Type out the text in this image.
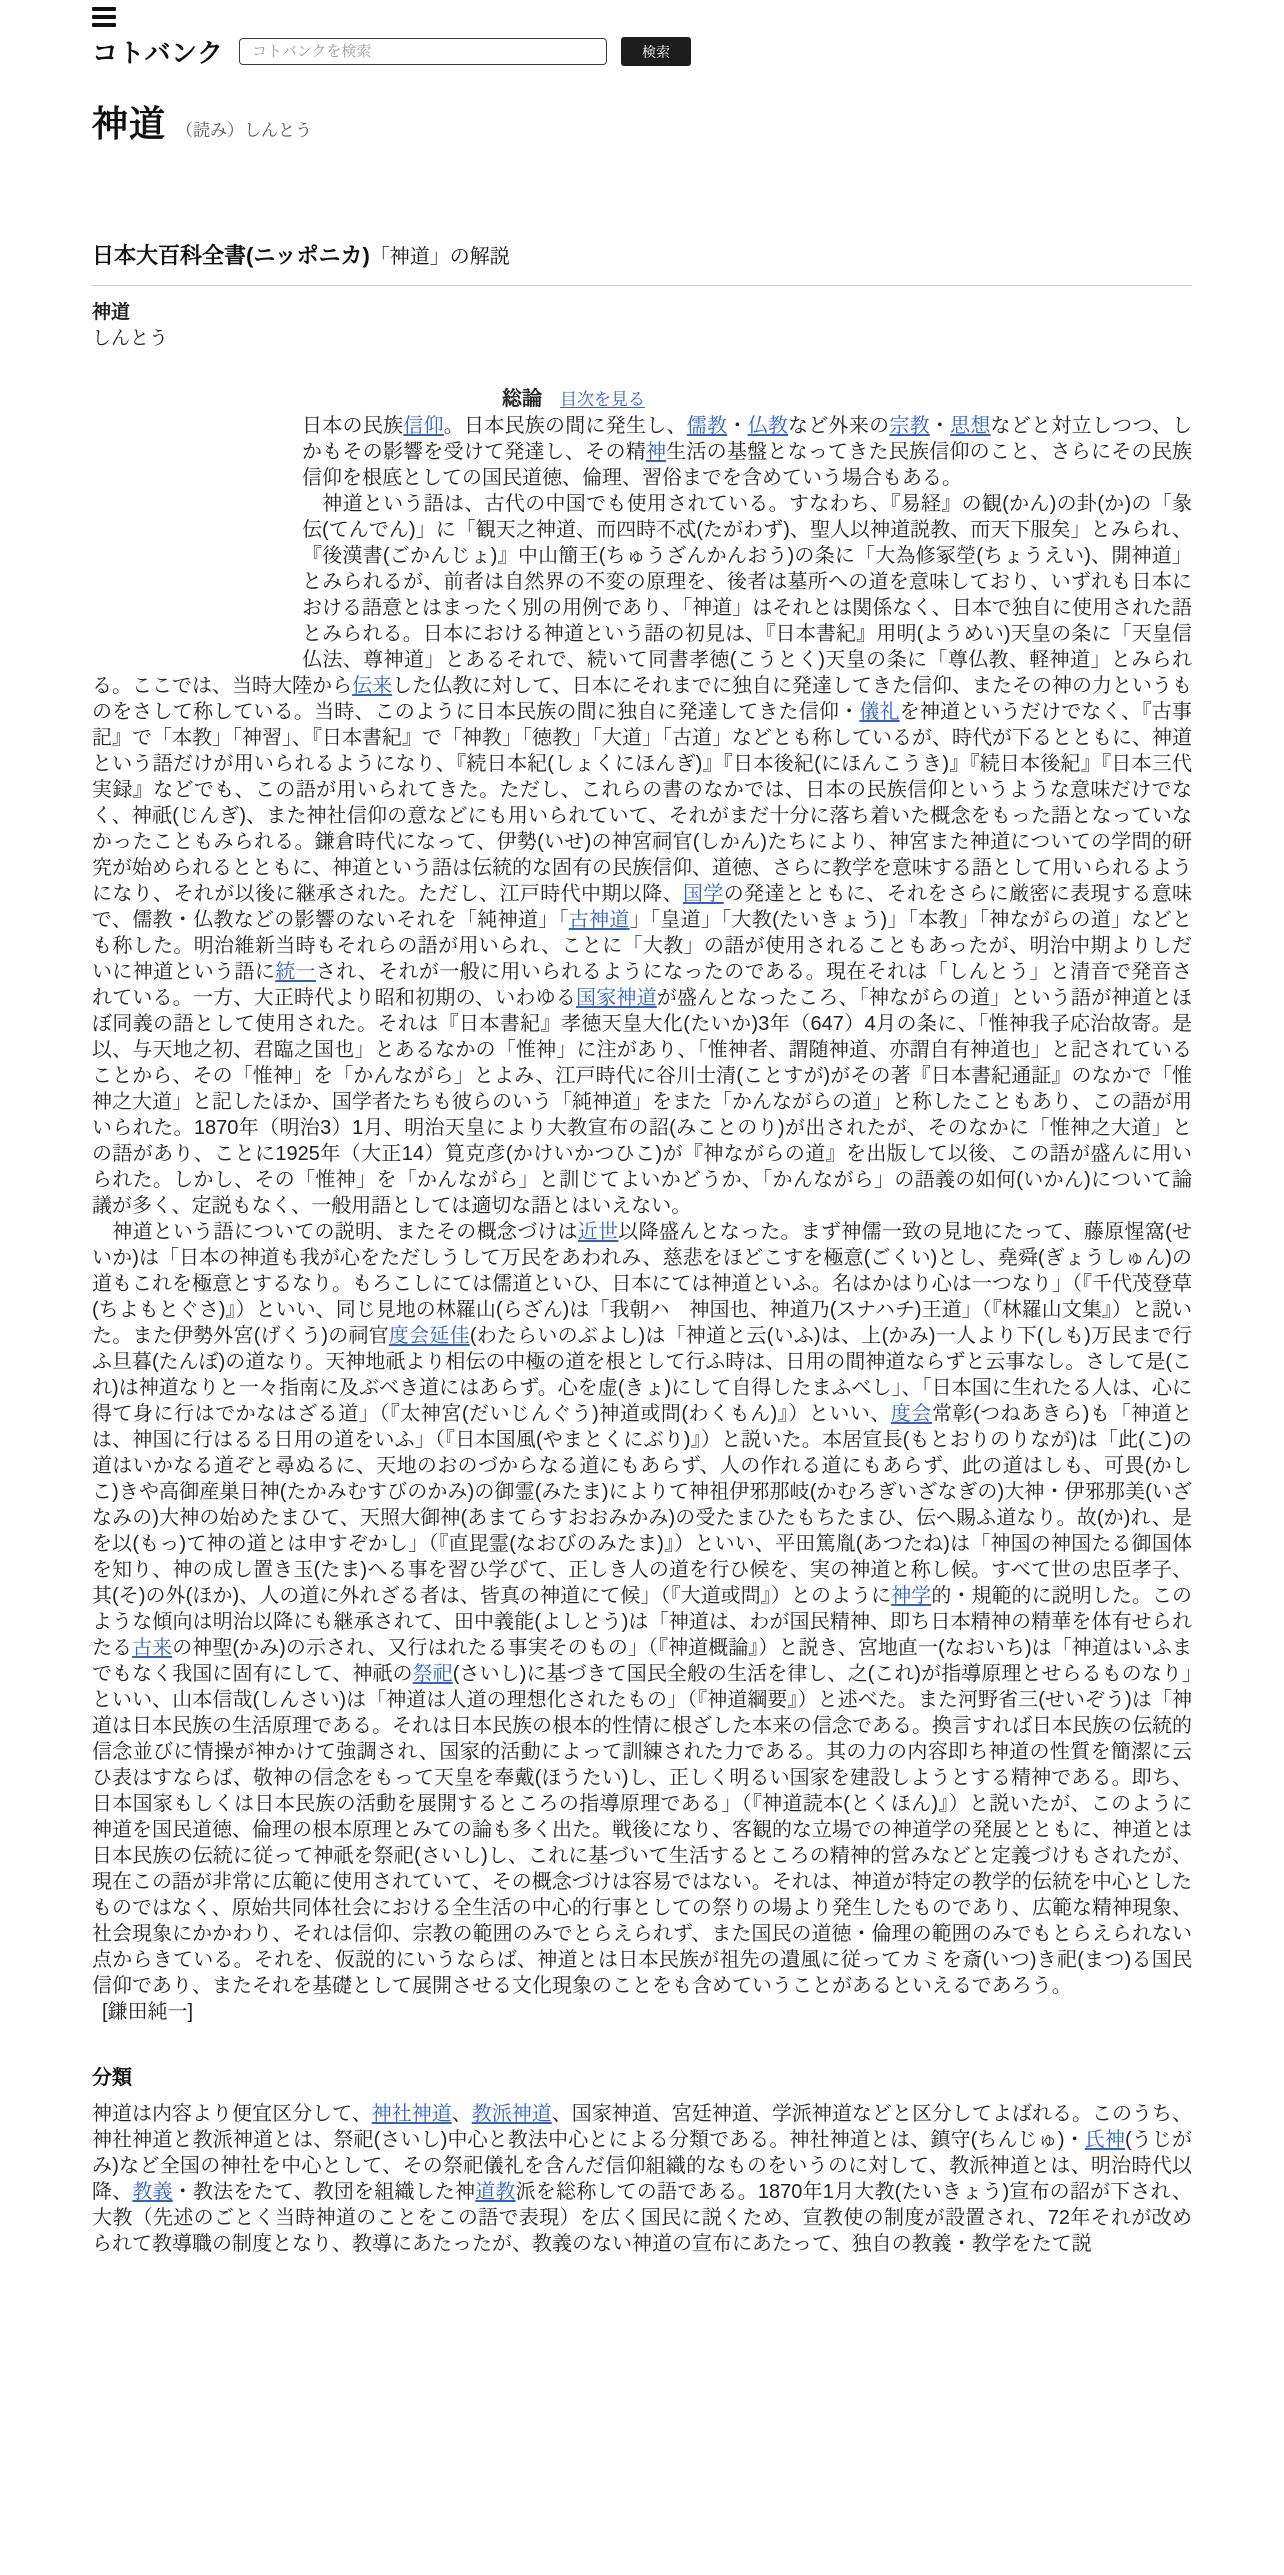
コトバンク
コトバンクを検索	検索
神道 （読み）しんとう
日本大百科全書(ニッポニカ)「神道」の解説
神道
しんとう
総論 目次を見る

日本の民族信仰。日本民族の間に発生し、儒教・仏教など外来の宗教・思想などと対立しつつ、しかもその影響を受けて発達し、その精神生活の基盤となってきた民族信仰のこと、さらにその民族信仰を根底としての国民道徳、倫理、習俗までを含めていう場合もある。

　神道という語は、古代の中国でも使用されている。すなわち、『易経』の観(かん)の卦(か)の「彖伝(てんでん)」に「観天之神道、而四時不忒(たがわず)、聖人以神道説教、而天下服矣」とみられ、『後漢書(ごかんじょ)』中山簡王(ちゅうざんかんおう)の条に「大為修冢塋(ちょうえい)、開神道」とみられるが、前者は自然界の不変の原理を、後者は墓所への道を意味しており、いずれも日本における語意とはまったく別の用例であり、「神道」はそれとは関係なく、日本で独自に使用された語とみられる。日本における神道という語の初見は、『日本書紀』用明(ようめい)天皇の条に「天皇信仏法、尊神道」とあるそれで、続いて同書孝徳(こうとく)天皇の条に「尊仏教、軽神道」とみられる。ここでは、当時大陸から伝来した仏教に対して、日本にそれまでに独自に発達してきた信仰、またその神の力というものをさして称している。当時、このように日本民族の間に独自に発達してきた信仰・儀礼を神道というだけでなく、『古事記』で「本教」「神習」、『日本書紀』で「神教」「徳教」「大道」「古道」などとも称しているが、時代が下るとともに、神道という語だけが用いられるようになり、『続日本紀(しょくにほんぎ)』『日本後紀(にほんこうき)』『続日本後紀』『日本三代実録』などでも、この語が用いられてきた。ただし、これらの書のなかでは、日本の民族信仰というような意味だけでなく、神祇(じんぎ)、また神社信仰の意などにも用いられていて、それがまだ十分に落ち着いた概念をもった語となっていなかったこともみられる。鎌倉時代になって、伊勢(いせ)の神宮祠官(しかん)たちにより、神宮また神道についての学問的研究が始められるとともに、神道という語は伝統的な固有の民族信仰、道徳、さらに教学を意味する語として用いられるようになり、それが以後に継承された。ただし、江戸時代中期以降、国学の発達とともに、それをさらに厳密に表現する意味で、儒教・仏教などの影響のないそれを「純神道」「古神道」「皇道」「大教(たいきょう)」「本教」「神ながらの道」などとも称した。明治維新当時もそれらの語が用いられ、ことに「大教」の語が使用されることもあったが、明治中期よりしだいに神道という語に統一され、それが一般に用いられるようになったのである。現在それは「しんとう」と清音で発音されている。一方、大正時代より昭和初期の、いわゆる国家神道が盛んとなったころ、「神ながらの道」という語が神道とほぼ同義の語として使用された。それは『日本書紀』孝徳天皇大化(たいか)3年（647）4月の条に、「惟神我子応治故寄。是以、与天地之初、君臨之国也」とあるなかの「惟神」に注があり、「惟神者、謂随神道、亦謂自有神道也」と記されていることから、その「惟神」を「かんながら」とよみ、江戸時代に谷川士清(ことすが)がその著『日本書紀通証』のなかで「惟神之大道」と記したほか、国学者たちも彼らのいう「純神道」をまた「かんながらの道」と称したこともあり、この語が用いられた。1870年（明治3）1月、明治天皇により大教宣布の詔(みことのり)が出されたが、そのなかに「惟神之大道」との語があり、ことに1925年（大正14）筧克彦(かけいかつひこ)が『神ながらの道』を出版して以後、この語が盛んに用いられた。しかし、その「惟神」を「かんながら」と訓じてよいかどうか、「かんながら」の語義の如何(いかん)について論議が多く、定説もなく、一般用語としては適切な語とはいえない。

　神道という語についての説明、またその概念づけは近世以降盛んとなった。まず神儒一致の見地にたって、藤原惺窩(せいか)は「日本の神道も我が心をただしうして万民をあわれみ、慈悲をほどこすを極意(ごくい)とし、堯舜(ぎょうしゅん)の道もこれを極意とするなり。もろこしにては儒道といひ、日本にては神道といふ。名はかはり心は一つなり」（『千代茂登草(ちよもとぐさ)』）といい、同じ見地の林羅山(らざん)は「我朝ハ　神国也、神道乃(スナハチ)王道」（『林羅山文集』）と説いた。また伊勢外宮(げくう)の祠官度会延佳(わたらいのぶよし)は「神道と云(いふ)は、上(かみ)一人より下(しも)万民まで行ふ旦暮(たんぼ)の道なり。天神地祇より相伝の中極の道を根として行ふ時は、日用の間神道ならずと云事なし。さして是(これ)は神道なりと一々指南に及ぶべき道にはあらず。心を虚(きょ)にして自得したまふべし」、「日本国に生れたる人は、心に得て身に行はでかなはざる道」（『太神宮(だいじんぐう)神道或問(わくもん)』）といい、度会常彰(つねあきら)も「神道とは、神国に行はるる日用の道をいふ」（『日本国風(やまとくにぶり)』）と説いた。本居宣長(もとおりのりなが)は「此(こ)の道はいかなる道ぞと尋ぬるに、天地のおのづからなる道にもあらず、人の作れる道にもあらず、此の道はしも、可畏(かしこ)きや高御産巣日神(たかみむすびのかみ)の御霊(みたま)によりて神祖伊邪那岐(かむろぎいざなぎの)大神・伊邪那美(いざなみの)大神の始めたまひて、天照大御神(あまてらすおおみかみ)の受たまひたもちたまひ、伝へ賜ふ道なり。故(か)れ、是を以(もっ)て神の道とは申すぞかし」（『直毘霊(なおびのみたま)』）といい、平田篤胤(あつたね)は「神国の神国たる御国体を知り、神の成し置き玉(たま)へる事を習ひ学びて、正しき人の道を行ひ候を、実の神道と称し候。すべて世の忠臣孝子、其(そ)の外(ほか)、人の道に外れざる者は、皆真の神道にて候」（『大道或問』）とのように神学的・規範的に説明した。このような傾向は明治以降にも継承されて、田中義能(よしとう)は「神道は、わが国民精神、即ち日本精神の精華を体有せられたる古来の神聖(かみ)の示され、又行はれたる事実そのもの」（『神道概論』）と説き、宮地直一(なおいち)は「神道はいふまでもなく我国に固有にして、神祇の祭祀(さいし)に基づきて国民全般の生活を律し、之(これ)が指導原理とせらるものなり」といい、山本信哉(しんさい)は「神道は人道の理想化されたもの」（『神道綱要』）と述べた。また河野省三(せいぞう)は「神道は日本民族の生活原理である。それは日本民族の根本的性情に根ざした本来の信念である。換言すれば日本民族の伝統的信念並びに情操が神かけて強調され、国家的活動によって訓練された力である。其の力の内容即ち神道の性質を簡潔に云ひ表はすならば、敬神の信念をもって天皇を奉戴(ほうたい)し、正しく明るい国家を建設しようとする精神である。即ち、日本国家もしくは日本民族の活動を展開するところの指導原理である」（『神道読本(とくほん)』）と説いたが、このように神道を国民道徳、倫理の根本原理とみての論も多く出た。戦後になり、客観的な立場での神道学の発展とともに、神道とは日本民族の伝統に従って神祇を祭祀(さいし)し、これに基づいて生活するところの精神的営みなどと定義づけもされたが、現在この語が非常に広範に使用されていて、その概念づけは容易ではない。それは、神道が特定の教学的伝統を中心としたものではなく、原始共同体社会における全生活の中心的行事としての祭りの場より発生したものであり、広範な精神現象、社会現象にかかわり、それは信仰、宗教の範囲のみでとらえられず、また国民の道徳・倫理の範囲のみでもとらえられない点からきている。それを、仮説的にいうならば、神道とは日本民族が祖先の遺風に従ってカミを斎(いつ)き祀(まつ)る国民信仰であり、またそれを基礎として展開させる文化現象のことをも含めていうことがあるといえるであろう。

[鎌田純一]

分類

神道は内容より便宜区分して、神社神道、教派神道、国家神道、宮廷神道、学派神道などと区分してよばれる。このうち、神社神道と教派神道とは、祭祀(さいし)中心と教法中心とによる分類である。神社神道とは、鎮守(ちんじゅ)・氏神(うじがみ)など全国の神社を中心として、その祭祀儀礼を含んだ信仰組織的なものをいうのに対して、教派神道とは、明治時代以降、教義・教法をたて、教団を組織した神道教派を総称しての語である。1870年1月大教(たいきょう)宣布の詔が下され、大教（先述のごとく当時神道のことをこの語で表現）を広く国民に説くため、宣教使の制度が設置され、72年それが改められて教導職の制度となり、教導にあたったが、教義のない神道の宣布にあたって、独自の教義・教学をたて説
